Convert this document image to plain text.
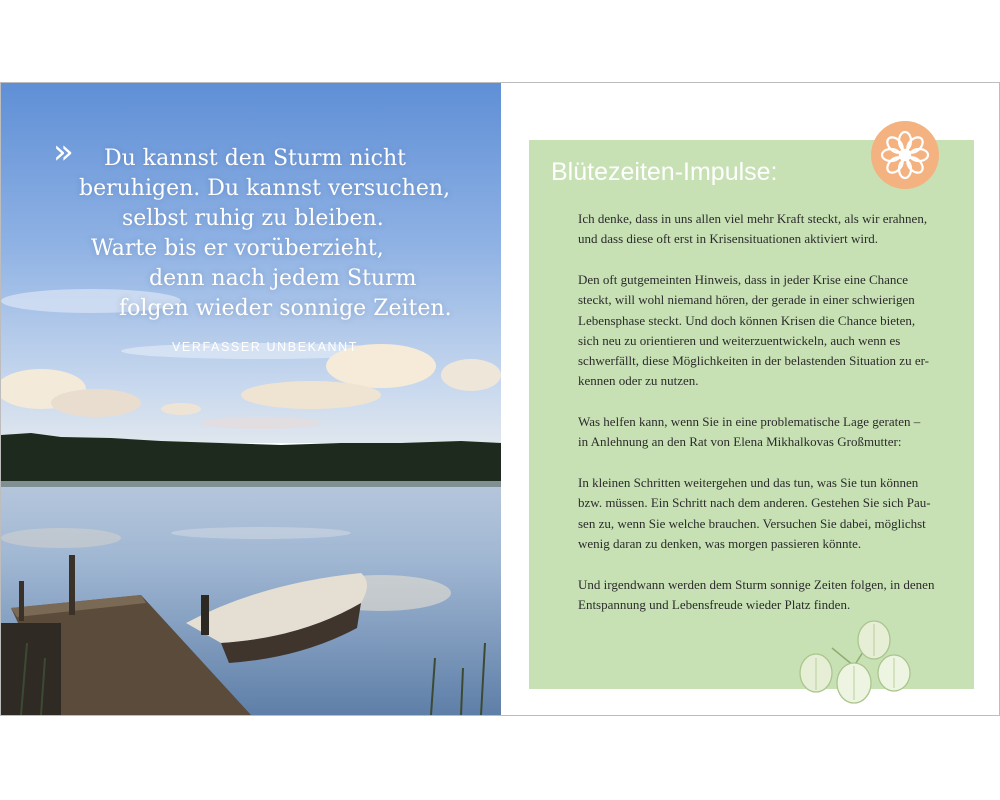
» Du kannst den Sturm nicht
beruhigen. Du kannst versuchen,
selbst ruhig zu bleiben.
Warte bis er vorüberzieht,
denn nach jedem Sturm
folgen wieder sonnige Zeiten.
VERFASSER UNBEKANNT
Blütezeiten-Impulse:

Ich denke, dass in uns allen viel mehr Kraft steckt, als wir erahnen,
und dass diese oft erst in Krisensituationen aktiviert wird.

Den oft gutgemeinten Hinweis, dass in jeder Krise eine Chance
steckt, will wohl niemand hören, der gerade in einer schwierigen
Lebensphase steckt. Und doch können Krisen die Chance bieten,
sich neu zu orientieren und weiterzuentwickeln, auch wenn es
schwerfällt, diese Möglichkeiten in der belastenden Situation zu er-
kennen oder zu nutzen.

Was helfen kann, wenn Sie in eine problematische Lage geraten –
in Anlehnung an den Rat von Elena Mikhalkovas Großmutter:

In kleinen Schritten weitergehen und das tun, was Sie tun können
bzw. müssen. Ein Schritt nach dem anderen. Gestehen Sie sich Pau-
sen zu, wenn Sie welche brauchen. Versuchen Sie dabei, möglichst
wenig daran zu denken, was morgen passieren könnte.

Und irgendwann werden dem Sturm sonnige Zeiten folgen, in denen
Entspannung und Lebensfreude wieder Platz finden.
